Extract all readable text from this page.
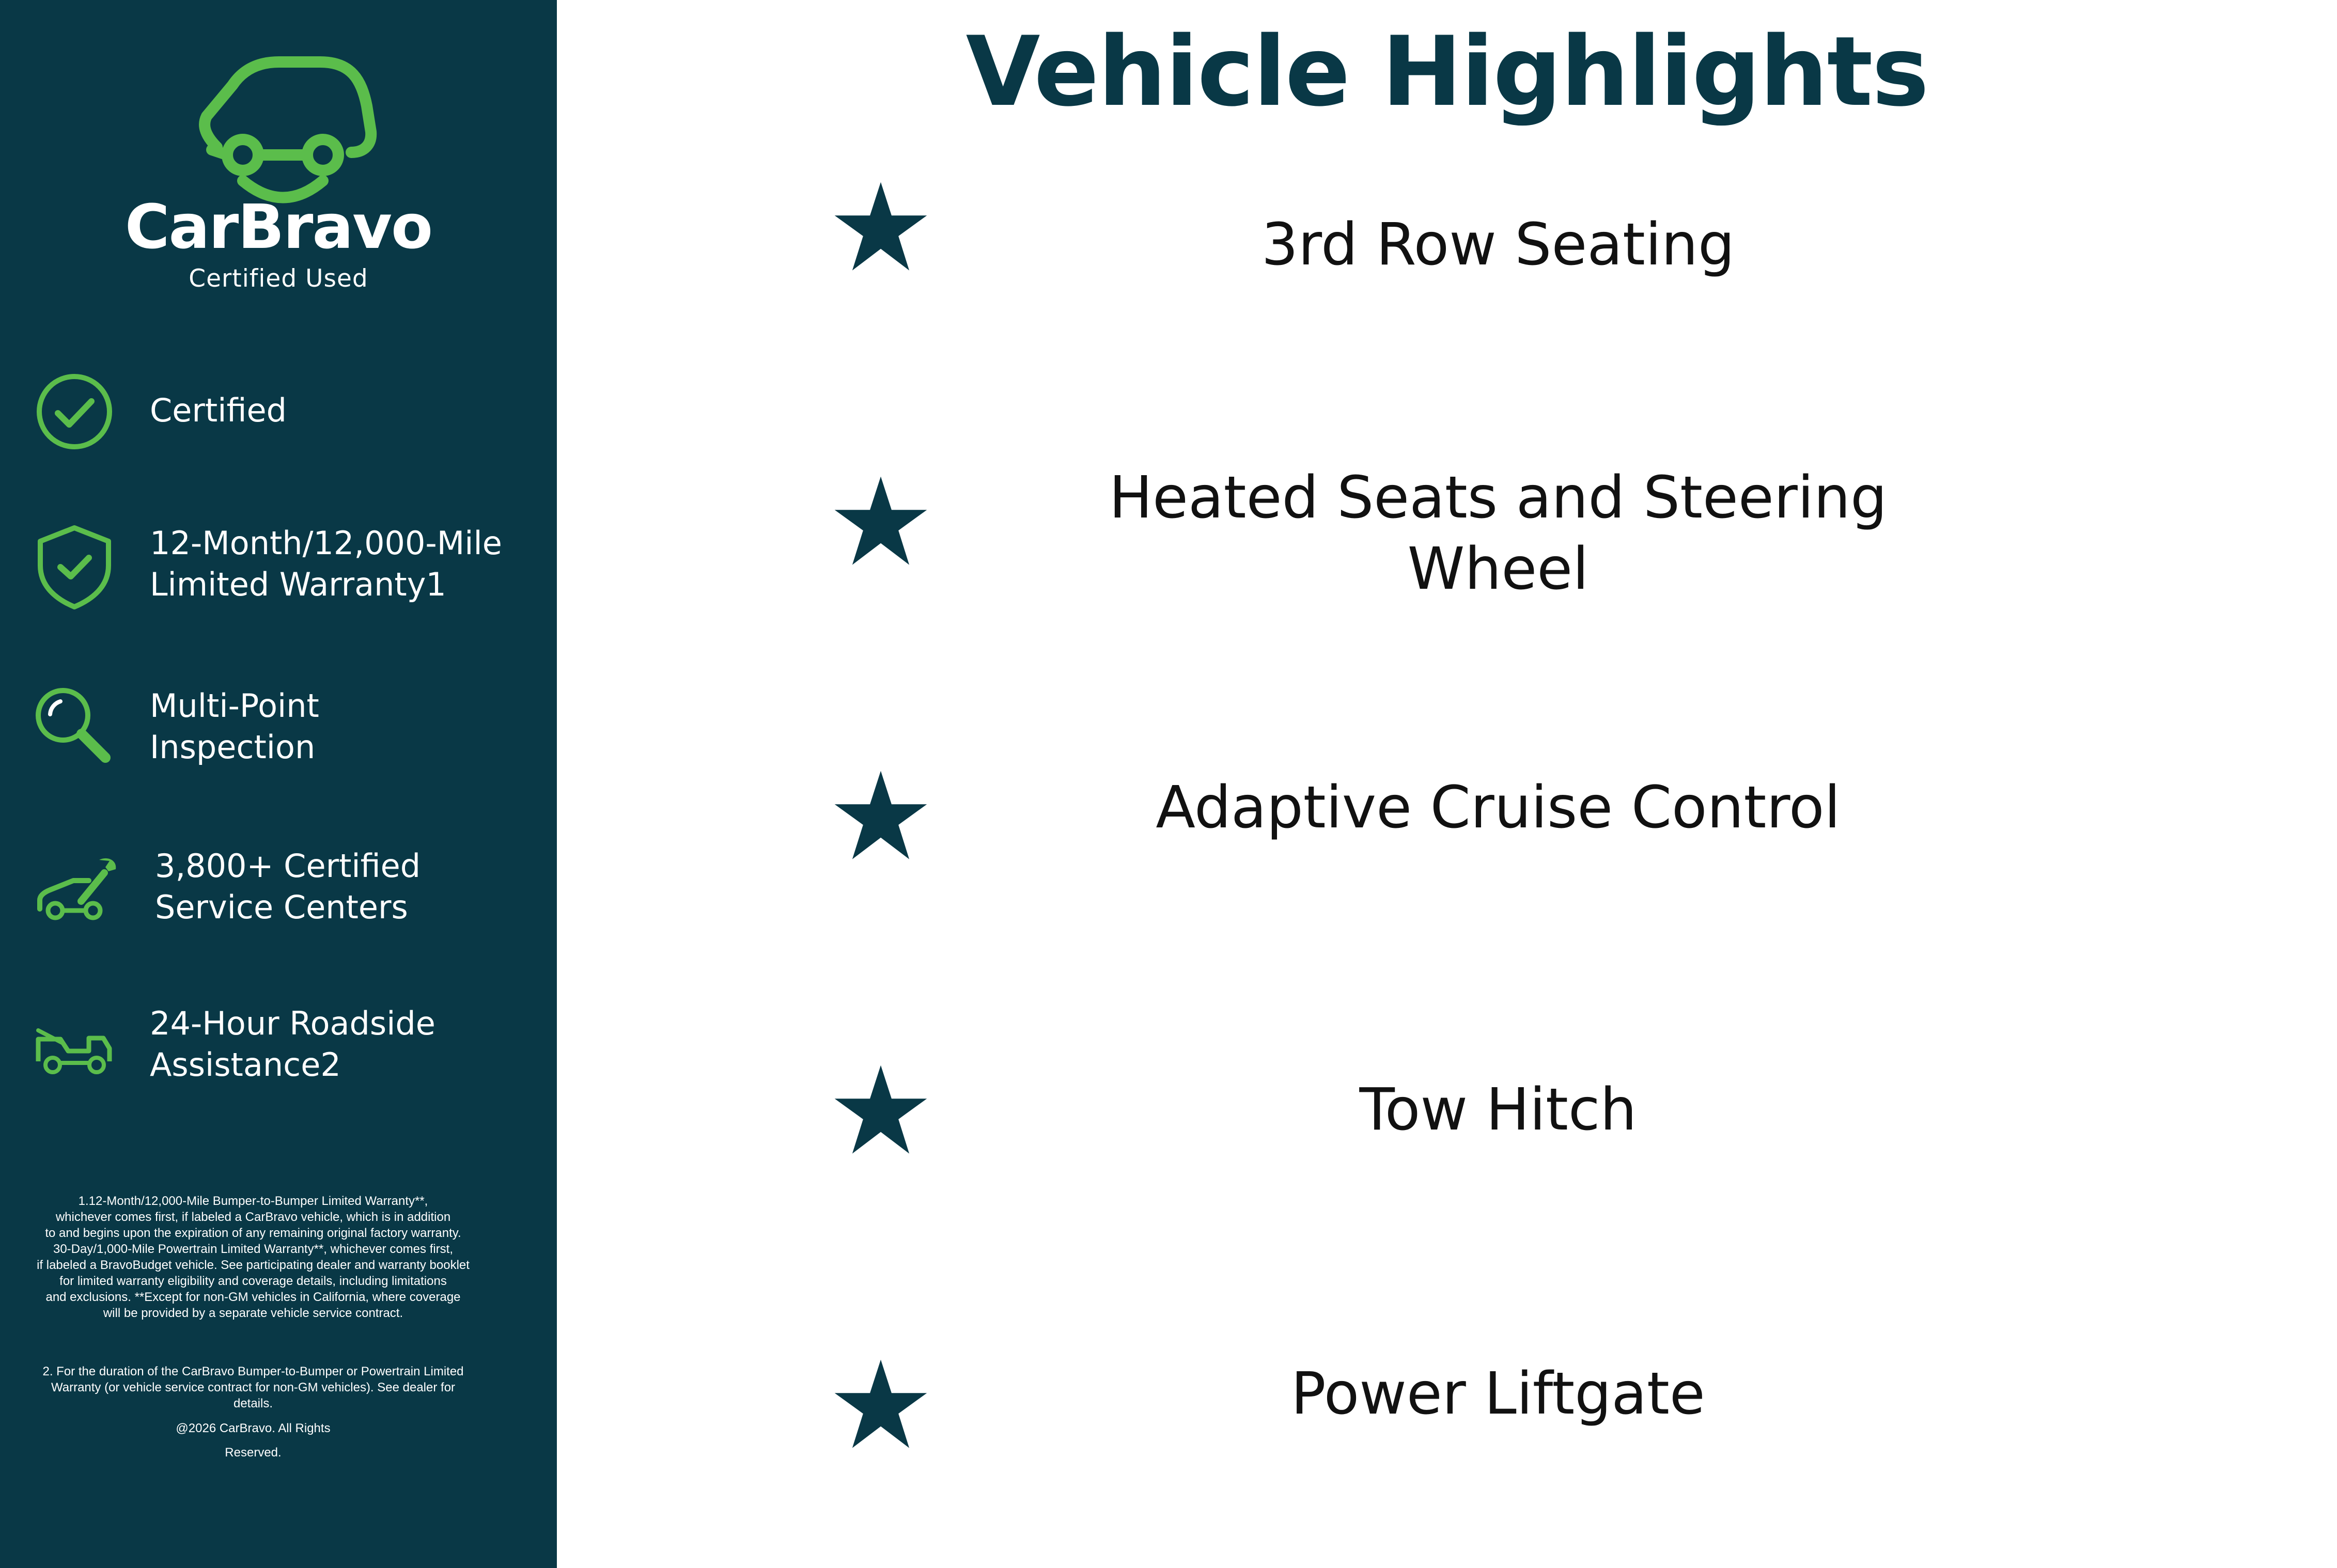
CarBravo
Certified Used
Certified
12-Month/12,000-Mile
Limited Warranty1
Multi-Point
Inspection
3,800+ Certified
Service Centers
24-Hour Roadside
Assistance2
1.12-Month/12,000-Mile Bumper-to-Bumper Limited Warranty**,
whichever comes first, if labeled a CarBravo vehicle, which is in addition
to and begins upon the expiration of any remaining original factory warranty.
30-Day/1,000-Mile Powertrain Limited Warranty**, whichever comes first,
if labeled a BravoBudget vehicle. See participating dealer and warranty booklet
for limited warranty eligibility and coverage details, including limitations
and exclusions. **Except for non-GM vehicles in California, where coverage
will be provided by a separate vehicle service contract.
2. For the duration of the CarBravo Bumper-to-Bumper or Powertrain Limited
Warranty (or vehicle service contract for non-GM vehicles). See dealer for
details.
@2026 CarBravo. All Rights
Reserved.
Vehicle Highlights
3rd Row Seating
Heated Seats and Steering
Wheel
Adaptive Cruise Control
Tow Hitch
Power Liftgate
